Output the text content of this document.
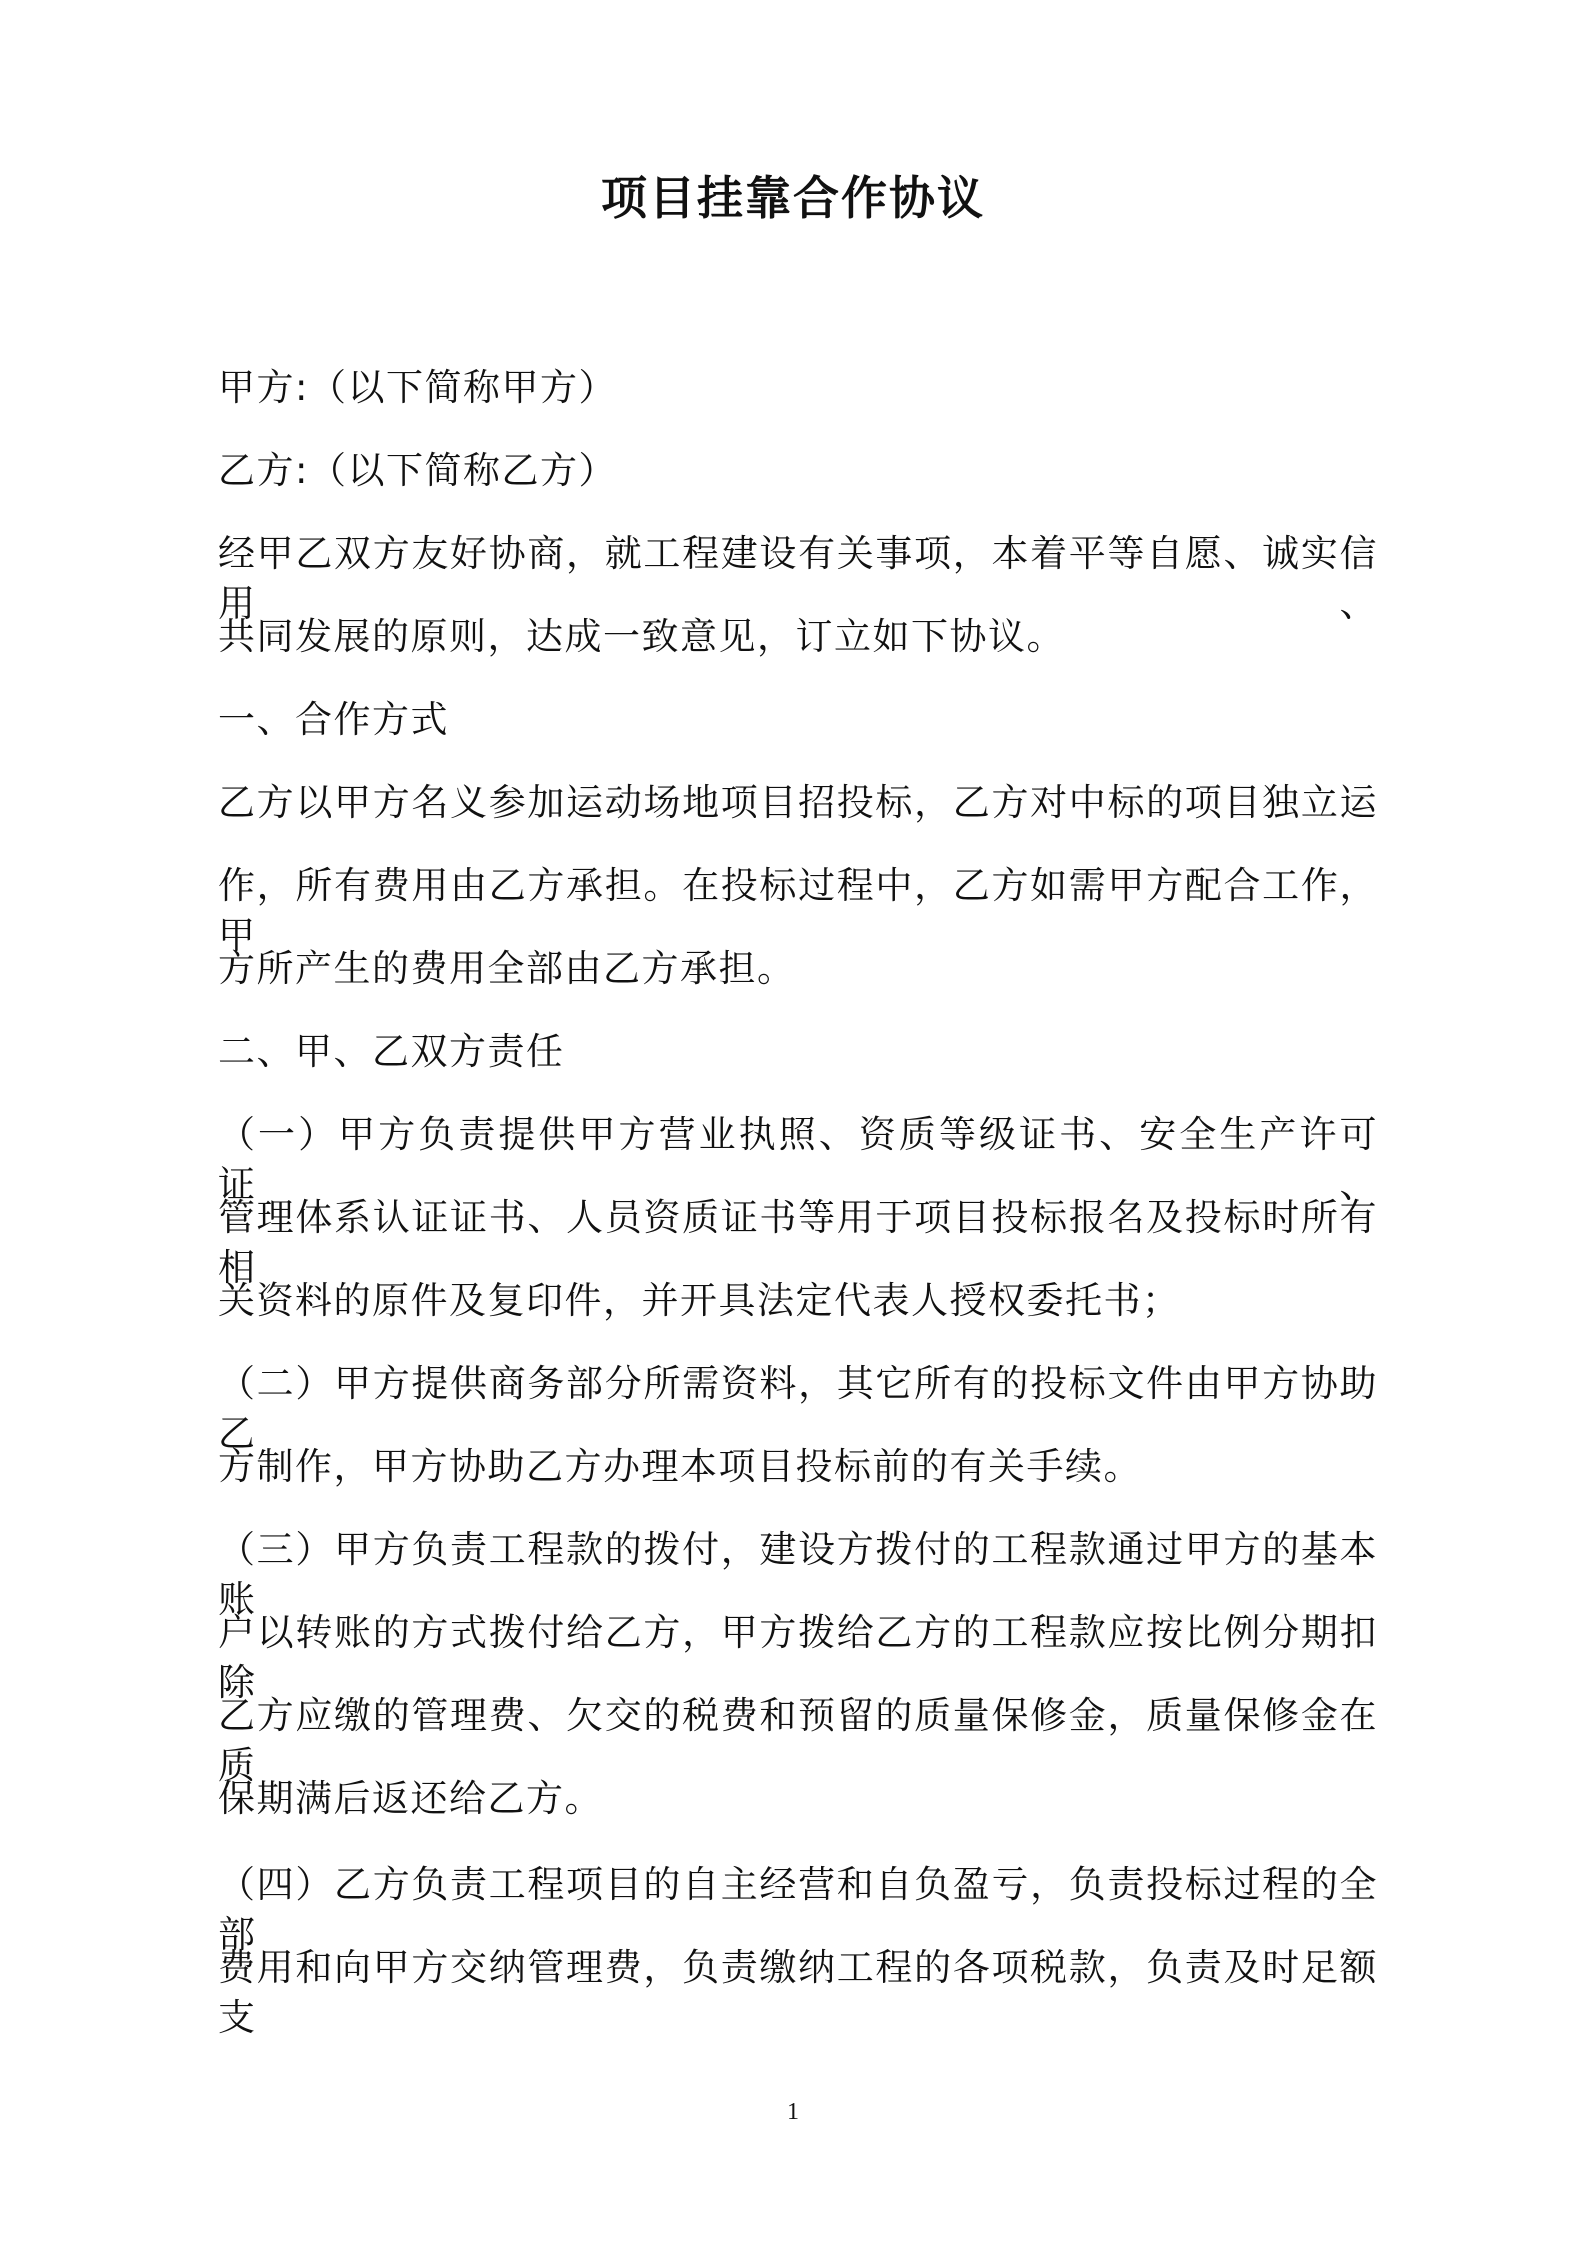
项目挂靠合作协议
甲方:（以下简称甲方）
乙方:（以下简称乙方）
经甲乙双方友好协商，就工程建设有关事项，本着平等自愿、诚实信用、
共同发展的原则，达成一致意见，订立如下协议。
一、合作方式
乙方以甲方名义参加运动场地项目招投标，乙方对中标的项目独立运
作，所有费用由乙方承担。在投标过程中，乙方如需甲方配合工作，甲
方所产生的费用全部由乙方承担。
二、甲、乙双方责任
（一）甲方负责提供甲方营业执照、资质等级证书、安全生产许可证、
管理体系认证证书、人员资质证书等用于项目投标报名及投标时所有相
关资料的原件及复印件，并开具法定代表人授权委托书；
（二）甲方提供商务部分所需资料，其它所有的投标文件由甲方协助乙
方制作，甲方协助乙方办理本项目投标前的有关手续。
（三）甲方负责工程款的拨付，建设方拨付的工程款通过甲方的基本账
户以转账的方式拨付给乙方，甲方拨给乙方的工程款应按比例分期扣除
乙方应缴的管理费、欠交的税费和预留的质量保修金，质量保修金在质
保期满后返还给乙方。
（四）乙方负责工程项目的自主经营和自负盈亏，负责投标过程的全部
费用和向甲方交纳管理费，负责缴纳工程的各项税款，负责及时足额支
1
